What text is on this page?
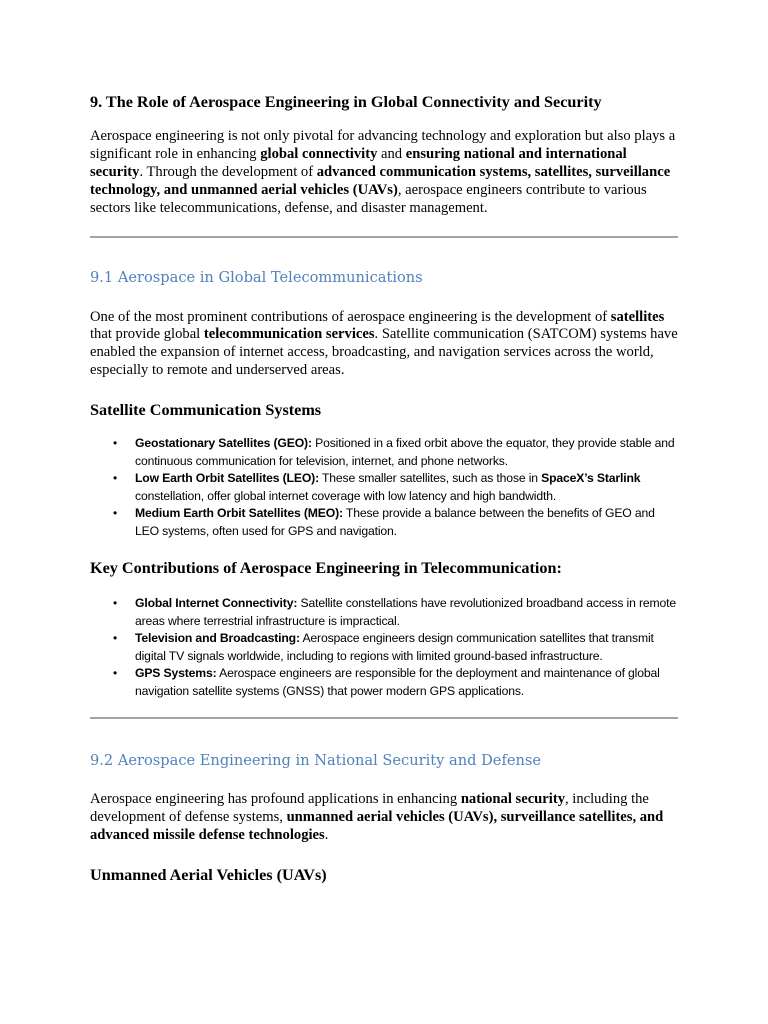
9. The Role of Aerospace Engineering in Global Connectivity and Security

Aerospace engineering is not only pivotal for advancing technology and exploration but also plays a significant role in enhancing global connectivity and ensuring national and international security. Through the development of advanced communication systems, satellites, surveillance technology, and unmanned aerial vehicles (UAVs), aerospace engineers contribute to various sectors like telecommunications, defense, and disaster management.

9.1 Aerospace in Global Telecommunications

One of the most prominent contributions of aerospace engineering is the development of satellites that provide global telecommunication services. Satellite communication (SATCOM) systems have enabled the expansion of internet access, broadcasting, and navigation services across the world, especially to remote and underserved areas.

Satellite Communication Systems
• Geostationary Satellites (GEO): Positioned in a fixed orbit above the equator, they provide stable and continuous communication for television, internet, and phone networks.
• Low Earth Orbit Satellites (LEO): These smaller satellites, such as those in SpaceX’s Starlink constellation, offer global internet coverage with low latency and high bandwidth.
• Medium Earth Orbit Satellites (MEO): These provide a balance between the benefits of GEO and LEO systems, often used for GPS and navigation.
Key Contributions of Aerospace Engineering in Telecommunication:
• Global Internet Connectivity: Satellite constellations have revolutionized broadband access in remote areas where terrestrial infrastructure is impractical.
• Television and Broadcasting: Aerospace engineers design communication satellites that transmit digital TV signals worldwide, including to regions with limited ground-based infrastructure.
• GPS Systems: Aerospace engineers are responsible for the deployment and maintenance of global navigation satellite systems (GNSS) that power modern GPS applications.
9.2 Aerospace Engineering in National Security and Defense

Aerospace engineering has profound applications in enhancing national security, including the development of defense systems, unmanned aerial vehicles (UAVs), surveillance satellites, and advanced missile defense technologies.

Unmanned Aerial Vehicles (UAVs)
